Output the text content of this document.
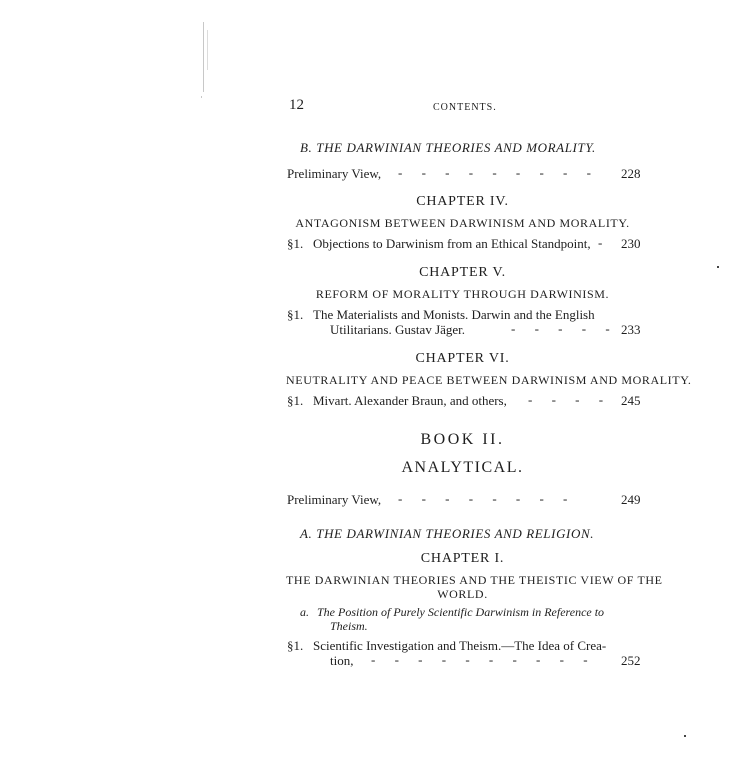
12	CONTENTS.
B. THE DARWINIAN THEORIES AND MORALITY.
Preliminary View, - - - - - - - - - 228
CHAPTER IV.
ANTAGONISM BETWEEN DARWINISM AND MORALITY.
§1. Objections to Darwinism from an Ethical Standpoint, - 230
CHAPTER V.
REFORM OF MORALITY THROUGH DARWINISM.
§1. The Materialists and Monists. Darwin and the English
Utilitarians. Gustav Jäger.	- - - - - 233
CHAPTER VI.
NEUTRALITY AND PEACE BETWEEN DARWINISM AND MORALITY.
§1. Mivart. Alexander Braun, and others, - - - - 245
BOOK II.
ANALYTICAL.
Preliminary View, - - - - - - - -	249
A. THE DARWINIAN THEORIES AND RELIGION.
CHAPTER I.
THE DARWINIAN THEORIES AND THE THEISTIC VIEW OF THE
WORLD.
a. The Position of Purely Scientific Darwinism in Reference to
Theism.
§1. Scientific Investigation and Theism.—The Idea of Crea-
tion, - - - - - - - - - - 252
